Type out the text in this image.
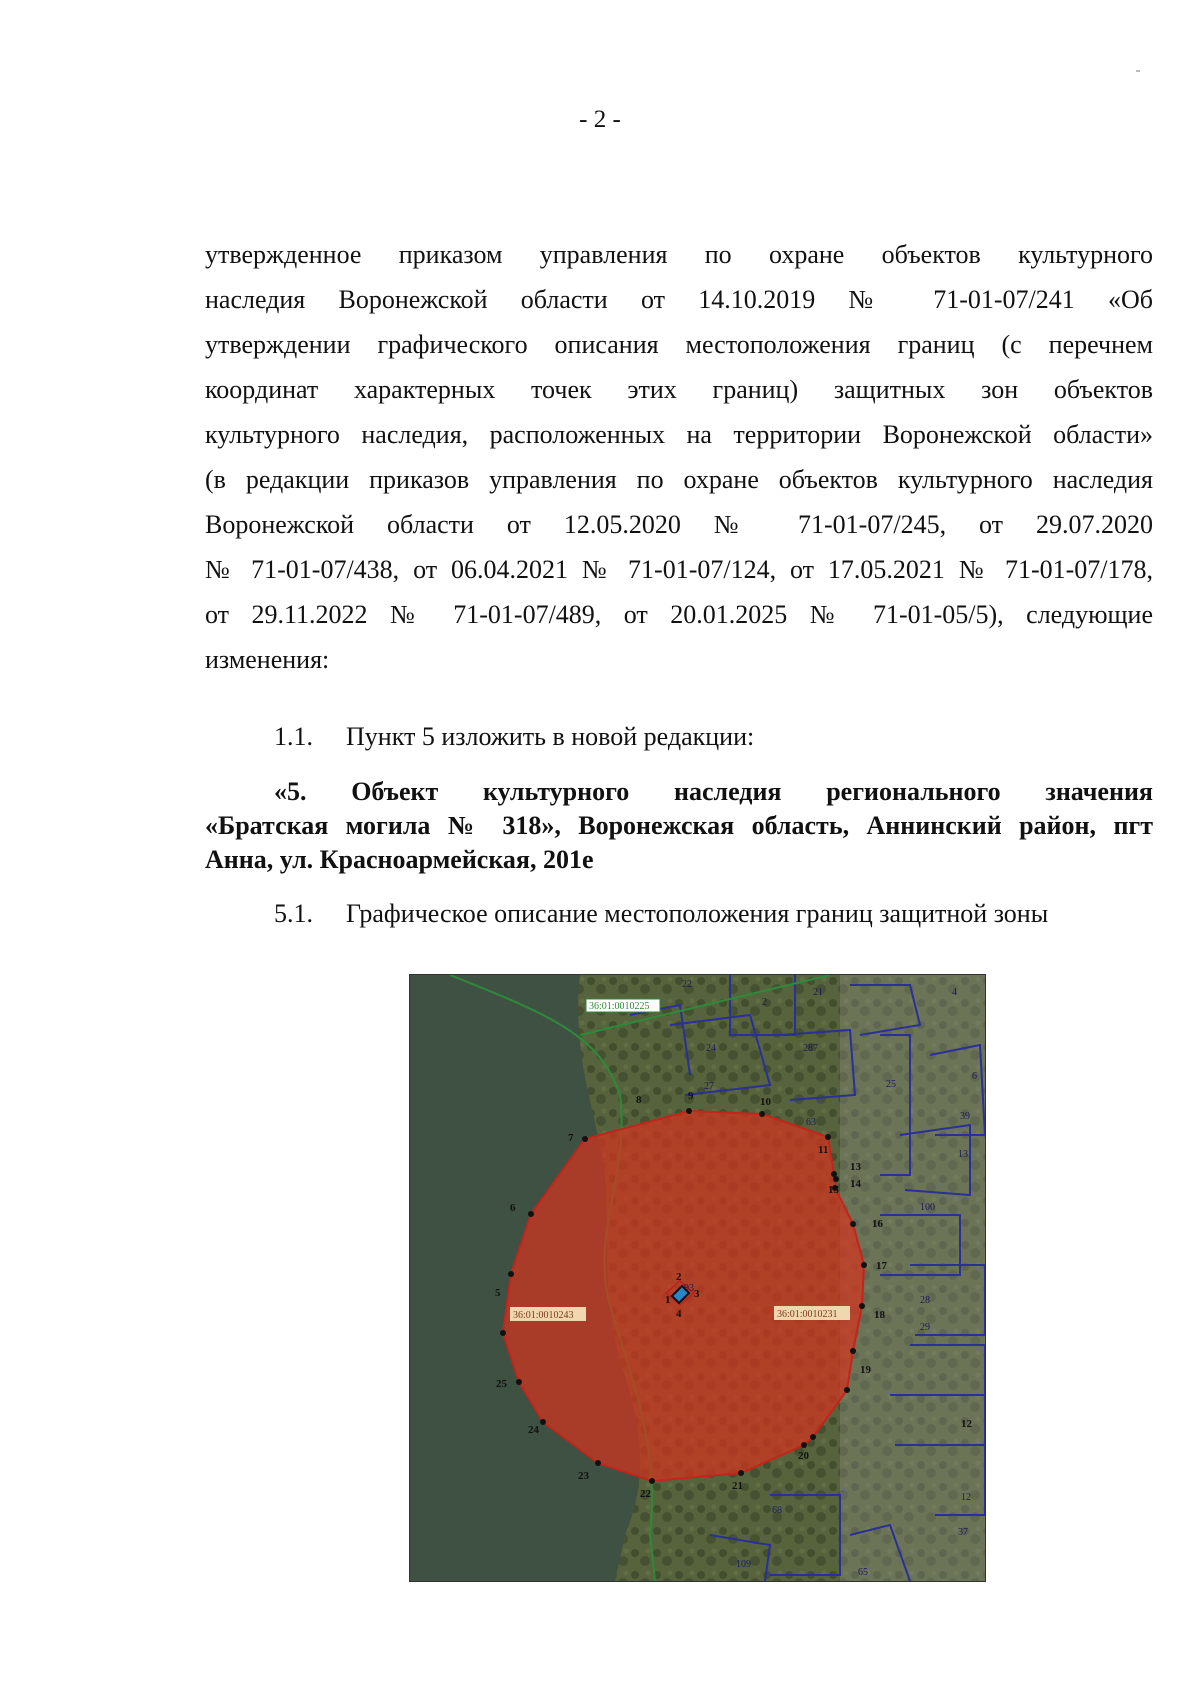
- 2 -
утвержденное приказом управления по охране объектов культурного
наследия Воронежской области от 14.10.2019 № 71-01-07/241 «Об
утверждении графического описания местоположения границ (с перечнем
координат характерных точек этих границ) защитных зон объектов
культурного наследия, расположенных на территории Воронежской области»
(в редакции приказов управления по охране объектов культурного наследия
Воронежской области от 12.05.2020 № 71-01-07/245, от 29.07.2020
№ 71-01-07/438, от 06.04.2021 № 71-01-07/124, от 17.05.2021 № 71-01-07/178,
от 29.11.2022 № 71-01-07/489, от 20.01.2025 № 71-01-05/5), следующие
изменения:
1.1. Пункт 5 изложить в новой редакции:
«5. Объект культурного наследия регионального значения
«Братская могила № 318», Воронежская область, Аннинский район, пгт
Анна, ул. Красноармейская, 201е
5.1. Графическое описание местоположения границ защитной зоны
36:01:0010225
36:01:0010243	36:01:0010231
1
2
3
4
5
6
7
8	9	10
11
12
13
14
15
16
17
18
19
20
21
22
23
24
25
22
2
21	4
24	287
27	25
6
39
63
13
100
93
28
29
12
68
37
109
65
